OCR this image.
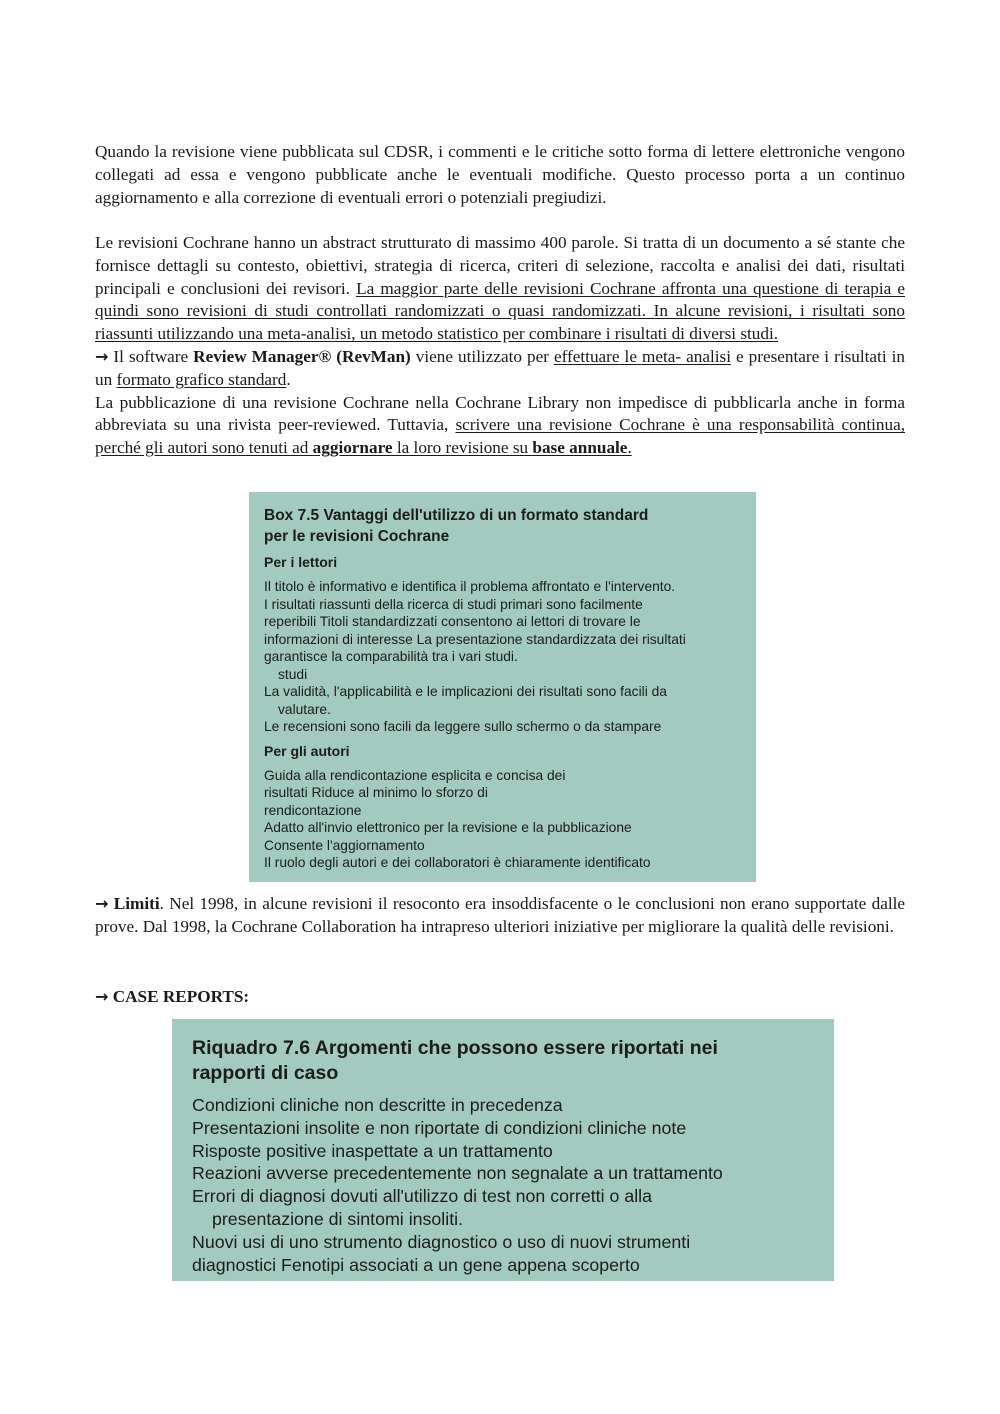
Quando la revisione viene pubblicata sul CDSR, i commenti e le critiche sotto forma di lettere elettroniche vengono collegati ad essa e vengono pubblicate anche le eventuali modifiche. Questo processo porta a un continuo aggiornamento e alla correzione di eventuali errori o potenziali pregiudizi.

Le revisioni Cochrane hanno un abstract strutturato di massimo 400 parole. Si tratta di un documento a sé stante che fornisce dettagli su contesto, obiettivi, strategia di ricerca, criteri di selezione, raccolta e analisi dei dati, risultati principali e conclusioni dei revisori. La maggior parte delle revisioni Cochrane affronta una questione di terapia e quindi sono revisioni di studi controllati randomizzati o quasi randomizzati. In alcune revisioni, i risultati sono riassunti utilizzando una meta-analisi, un metodo statistico per combinare i risultati di diversi studi.

→ Il software Review Manager® (RevMan) viene utilizzato per effettuare le meta- analisi e presentare i risultati in un formato grafico standard.

La pubblicazione di una revisione Cochrane nella Cochrane Library non impedisce di pubblicarla anche in forma abbreviata su una rivista peer-reviewed. Tuttavia, scrivere una revisione Cochrane è una responsabilità continua, perché gli autori sono tenuti ad aggiornare la loro revisione su base annuale.

Box 7.5 Vantaggi dell'utilizzo di un formato standard
per le revisioni Cochrane
Per i lettori
Il titolo è informativo e identifica il problema affrontato e l'intervento.
I risultati riassunti della ricerca di studi primari sono facilmente
reperibili Titoli standardizzati consentono ai lettori di trovare le
informazioni di interesse La presentazione standardizzata dei risultati
garantisce la comparabilità tra i vari studi.
studi
La validità, l'applicabilità e le implicazioni dei risultati sono facili da
valutare.
Le recensioni sono facili da leggere sullo schermo o da stampare
Per gli autori
Guida alla rendicontazione esplicita e concisa dei
risultati Riduce al minimo lo sforzo di
rendicontazione
Adatto all'invio elettronico per la revisione e la pubblicazione
Consente l'aggiornamento
Il ruolo degli autori e dei collaboratori è chiaramente identificato

→ Limiti. Nel 1998, in alcune revisioni il resoconto era insoddisfacente o le conclusioni non erano supportate dalle prove. Dal 1998, la Cochrane Collaboration ha intrapreso ulteriori iniziative per migliorare la qualità delle revisioni.

→ CASE REPORTS:
Riquadro 7.6 Argomenti che possono essere riportati nei
rapporti di caso
Condizioni cliniche non descritte in precedenza
Presentazioni insolite e non riportate di condizioni cliniche note
Risposte positive inaspettate a un trattamento
Reazioni avverse precedentemente non segnalate a un trattamento
Errori di diagnosi dovuti all'utilizzo di test non corretti o alla
presentazione di sintomi insoliti.
Nuovi usi di uno strumento diagnostico o uso di nuovi strumenti
diagnostici Fenotipi associati a un gene appena scoperto
